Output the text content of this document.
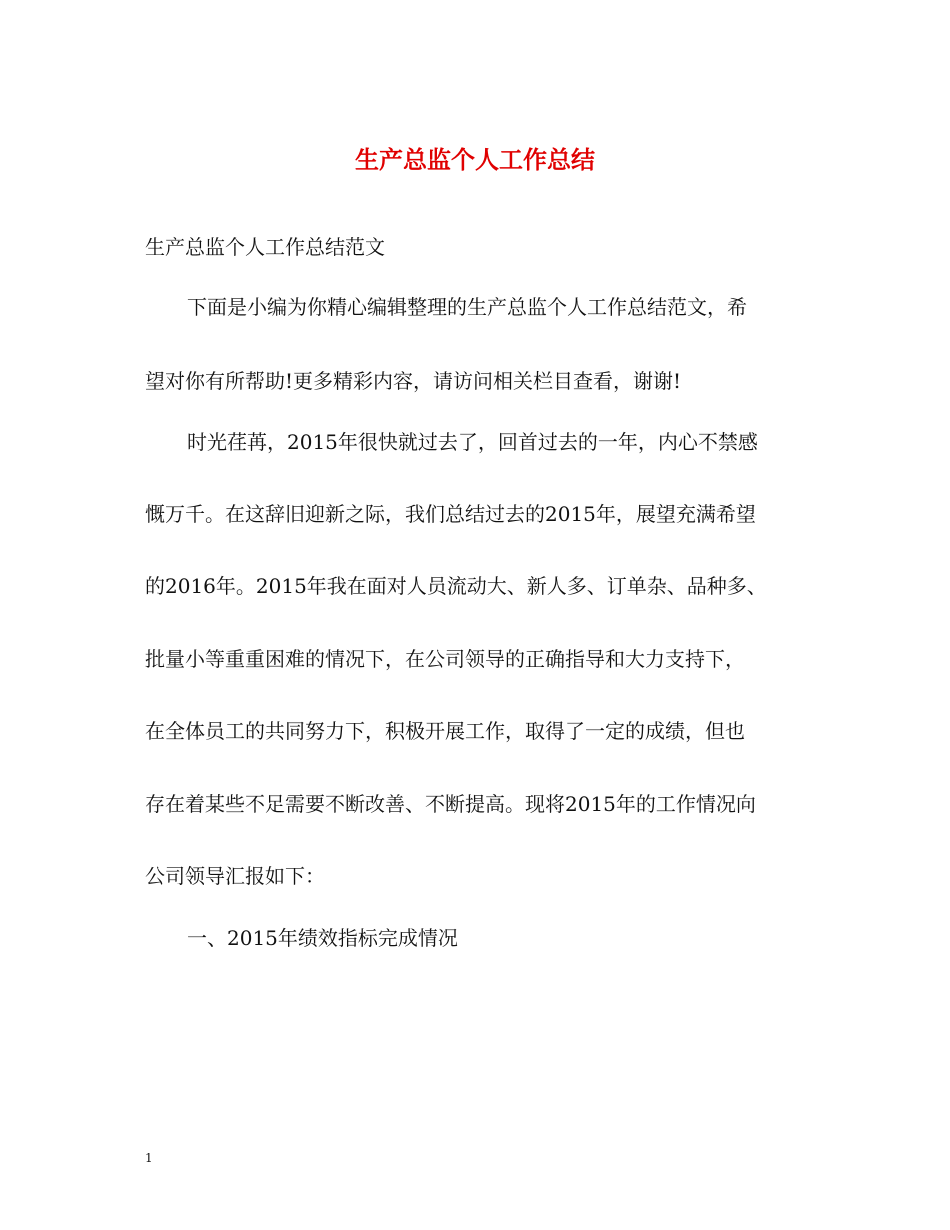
生产总监个人工作总结

生产总监个人工作总结范文

下面是小编为你精心编辑整理的生产总监个人工作总结范文，希

望对你有所帮助!更多精彩内容，请访问相关栏目查看，谢谢!

时光荏苒，2015年很快就过去了，回首过去的一年，内心不禁感

慨万千。在这辞旧迎新之际，我们总结过去的2015年，展望充满希望

的2016年。2015年我在面对人员流动大、新人多、订单杂、品种多、

批量小等重重困难的情况下，在公司领导的正确指导和大力支持下，

在全体员工的共同努力下，积极开展工作，取得了一定的成绩，但也

存在着某些不足需要不断改善、不断提高。现将2015年的工作情况向

公司领导汇报如下：

一、2015年绩效指标完成情况

1
